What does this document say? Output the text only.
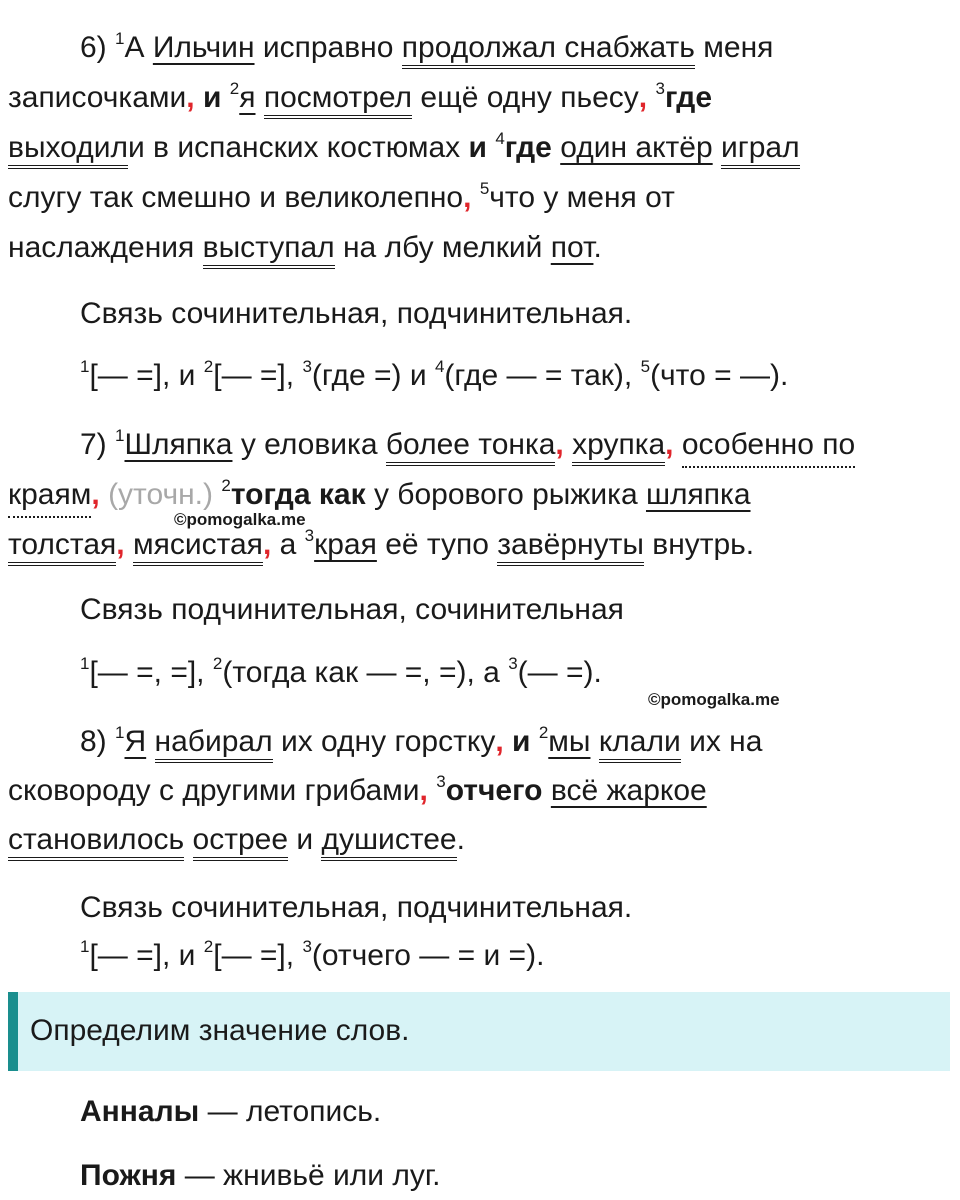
6) $^1$А Ильчин исправно продолжал снабжать меня
записочками, и $^2$я посмотрел ещё одну пьесу, $^3$где
выходили в испанских костюмах и $^4$где один актёр играл
слугу так смешно и великолепно, $^5$что у меня от
наслаждения выступал на лбу мелкий пот.
Связь сочинительная, подчинительная.
$^1$[— =], и $^2$[— =], $^3$(где =) и $^4$(где — = так), $^5$(что = —).
7) $^1$Шляпка у еловика более тонка, хрупка, особенно по
краям, (уточн.) $^2$тогда как у борового рыжика шляпка
©pomogalka.me
толстая, мясистая, а $^3$края её тупо завёрнуты внутрь.
Связь подчинительная, сочинительная
$^1$[— =, =], $^2$(тогда как — =, =), а $^3$(— =).
©pomogalka.me
8) $^1$Я набирал их одну горстку, и $^2$мы клали их на
сковороду с другими грибами, $^3$отчего всё жаркое
становилось острее и душистее.
Связь сочинительная, подчинительная.
$^1$[— =], и $^2$[— =], $^3$(отчего — = и =).
Определим значение слов.
Анналы — летопись.
Пожня — жнивьё или луг.
